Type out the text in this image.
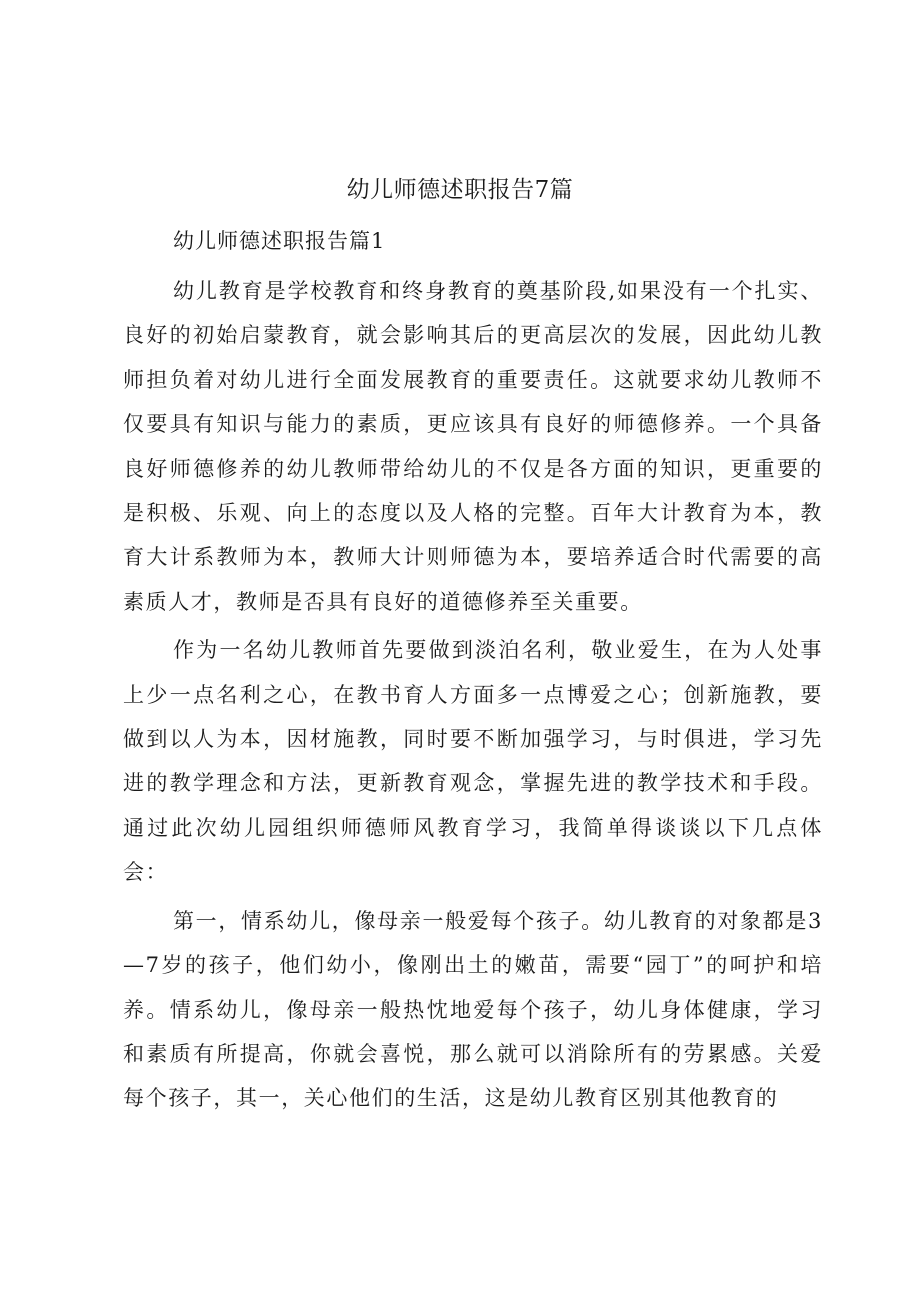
幼儿师德述职报告7篇
幼儿师德述职报告篇1

幼儿教育是学校教育和终身教育的奠基阶段,如果没有一个扎实、良好的初始启蒙教育，就会影响其后的更高层次的发展，因此幼儿教师担负着对幼儿进行全面发展教育的重要责任。这就要求幼儿教师不仅要具有知识与能力的素质，更应该具有良好的师德修养。一个具备良好师德修养的幼儿教师带给幼儿的不仅是各方面的知识，更重要的是积极、乐观、向上的态度以及人格的完整。百年大计教育为本，教育大计系教师为本，教师大计则师德为本，要培养适合时代需要的高素质人才，教师是否具有良好的道德修养至关重要。

作为一名幼儿教师首先要做到淡泊名利，敬业爱生，在为人处事上少一点名利之心，在教书育人方面多一点博爱之心；创新施教，要做到以人为本，因材施教，同时要不断加强学习，与时俱进，学习先进的教学理念和方法，更新教育观念，掌握先进的教学技术和手段。通过此次幼儿园组织师德师风教育学习，我简单得谈谈以下几点体会：

第一，情系幼儿，像母亲一般爱每个孩子。幼儿教育的对象都是3—7岁的孩子，他们幼小，像刚出土的嫩苗，需要“园丁”的呵护和培养。情系幼儿，像母亲一般热忱地爱每个孩子，幼儿身体健康，学习和素质有所提高，你就会喜悦，那么就可以消除所有的劳累感。关爱每个孩子，其一，关心他们的生活，这是幼儿教育区别其他教育的
